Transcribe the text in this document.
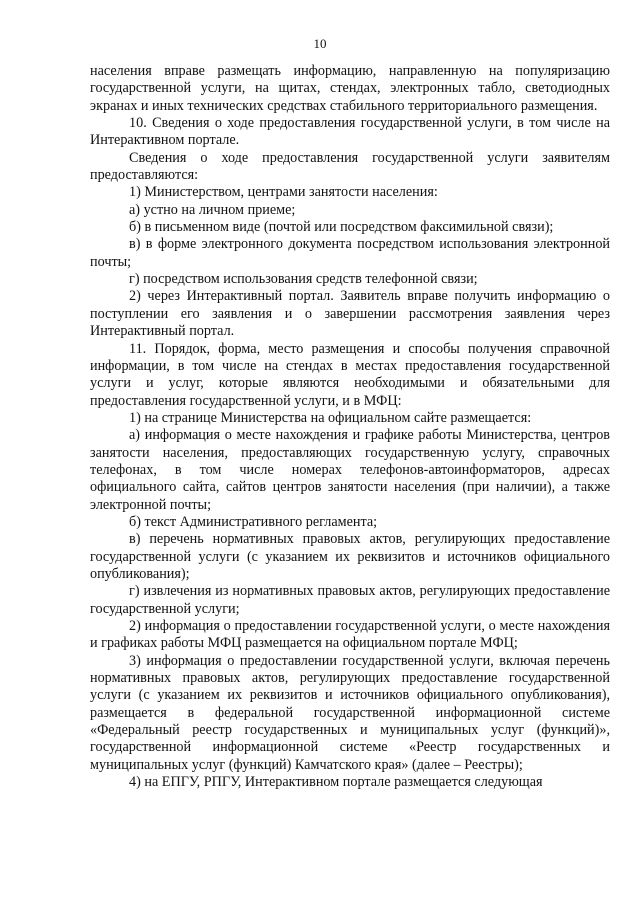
10

населения вправе размещать информацию, направленную на популяризацию государственной услуги, на щитах, стендах, электронных табло, светодиодных экранах и иных технических средствах стабильного территориального размещения.

10. Сведения о ходе предоставления государственной услуги, в том числе на Интерактивном портале.

Сведения о ходе предоставления государственной услуги заявителям предоставляются:

1) Министерством, центрами занятости населения:

а) устно на личном приеме;

б) в письменном виде (почтой или посредством факсимильной связи);

в) в форме электронного документа посредством использования электронной почты;

г) посредством использования средств телефонной связи;

2) через Интерактивный портал. Заявитель вправе получить информацию о поступлении его заявления и о завершении рассмотрения заявления через Интерактивный портал.

11. Порядок, форма, место размещения и способы получения справочной информации, в том числе на стендах в местах предоставления государственной услуги и услуг, которые являются необходимыми и обязательными для предоставления государственной услуги, и в МФЦ:

1) на странице Министерства на официальном сайте размещается:

а) информация о месте нахождения и графике работы Министерства, центров занятости населения, предоставляющих государственную услугу, справочных телефонах, в том числе номерах телефонов-автоинформаторов, адресах официального сайта, сайтов центров занятости населения (при наличии), а также электронной почты;

б) текст Административного регламента;

в) перечень нормативных правовых актов, регулирующих предоставление государственной услуги (с указанием их реквизитов и источников официального опубликования);

г) извлечения из нормативных правовых актов, регулирующих предоставление государственной услуги;

2) информация о предоставлении государственной услуги, о месте нахождения и графиках работы МФЦ размещается на официальном портале МФЦ;

3) информация о предоставлении государственной услуги, включая перечень нормативных правовых актов, регулирующих предоставление государственной услуги (с указанием их реквизитов и источников официального опубликования), размещается в федеральной государственной информационной системе «Федеральный реестр государственных и муниципальных услуг (функций)», государственной информационной системе «Реестр государственных и муниципальных услуг (функций) Камчатского края» (далее – Реестры);

4) на ЕПГУ, РПГУ, Интерактивном портале размещается следующая
